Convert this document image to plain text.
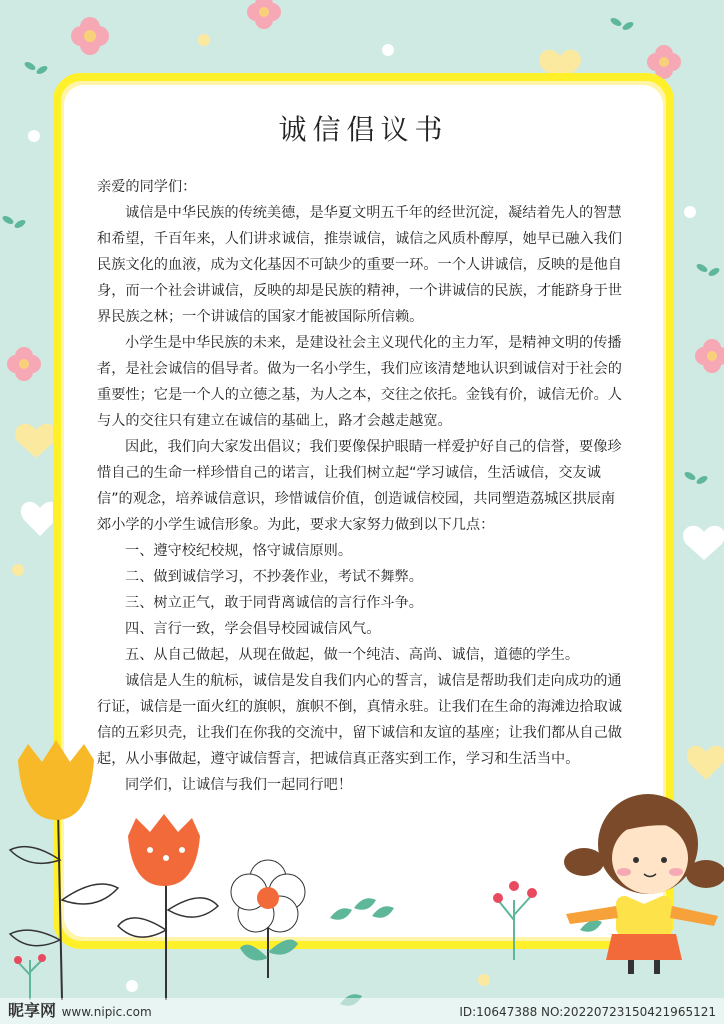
诚信倡议书

亲爱的同学们：

诚信是中华民族的传统美德，是华夏文明五千年的经世沉淀，凝结着先人的智慧和希望，千百年来，人们讲求诚信，推崇诚信，诚信之风质朴醇厚，她早已融入我们民族文化的血液，成为文化基因不可缺少的重要一环。一个人讲诚信，反映的是他自身，而一个社会讲诚信，反映的却是民族的精神，一个讲诚信的民族，才能跻身于世界民族之林；一个讲诚信的国家才能被国际所信赖。

小学生是中华民族的未来，是建设社会主义现代化的主力军，是精神文明的传播者，是社会诚信的倡导者。做为一名小学生，我们应该清楚地认识到诚信对于社会的重要性；它是一个人的立德之基，为人之本，交往之依托。金钱有价，诚信无价。人与人的交往只有建立在诚信的基础上，路才会越走越宽。

因此，我们向大家发出倡议；我们要像保护眼睛一样爱护好自己的信誉，要像珍惜自己的生命一样珍惜自己的诺言，让我们树立起“学习诚信，生活诚信，交友诚信”的观念，培养诚信意识，珍惜诚信价值，创造诚信校园，共同塑造荔城区拱辰南郊小学的小学生诚信形象。为此，要求大家努力做到以下几点：

一、遵守校纪校规，恪守诚信原则。

二、做到诚信学习，不抄袭作业，考试不舞弊。

三、树立正气，敢于同背离诚信的言行作斗争。

四、言行一致，学会倡导校园诚信风气。

五、从自己做起，从现在做起，做一个纯洁、高尚、诚信，道德的学生。

诚信是人生的航标，诚信是发自我们内心的誓言，诚信是帮助我们走向成功的通行证，诚信是一面火红的旗帜，旗帜不倒，真情永驻。让我们在生命的海滩边拾取诚信的五彩贝壳，让我们在你我的交流中，留下诚信和友谊的基座；让我们都从自己做起，从小事做起，遵守诚信誓言，把诚信真正落实到工作，学习和生活当中。

同学们，让诚信与我们一起同行吧！

昵享网 www.nipic.com	ID:10647388 NO:20220723150421965121
